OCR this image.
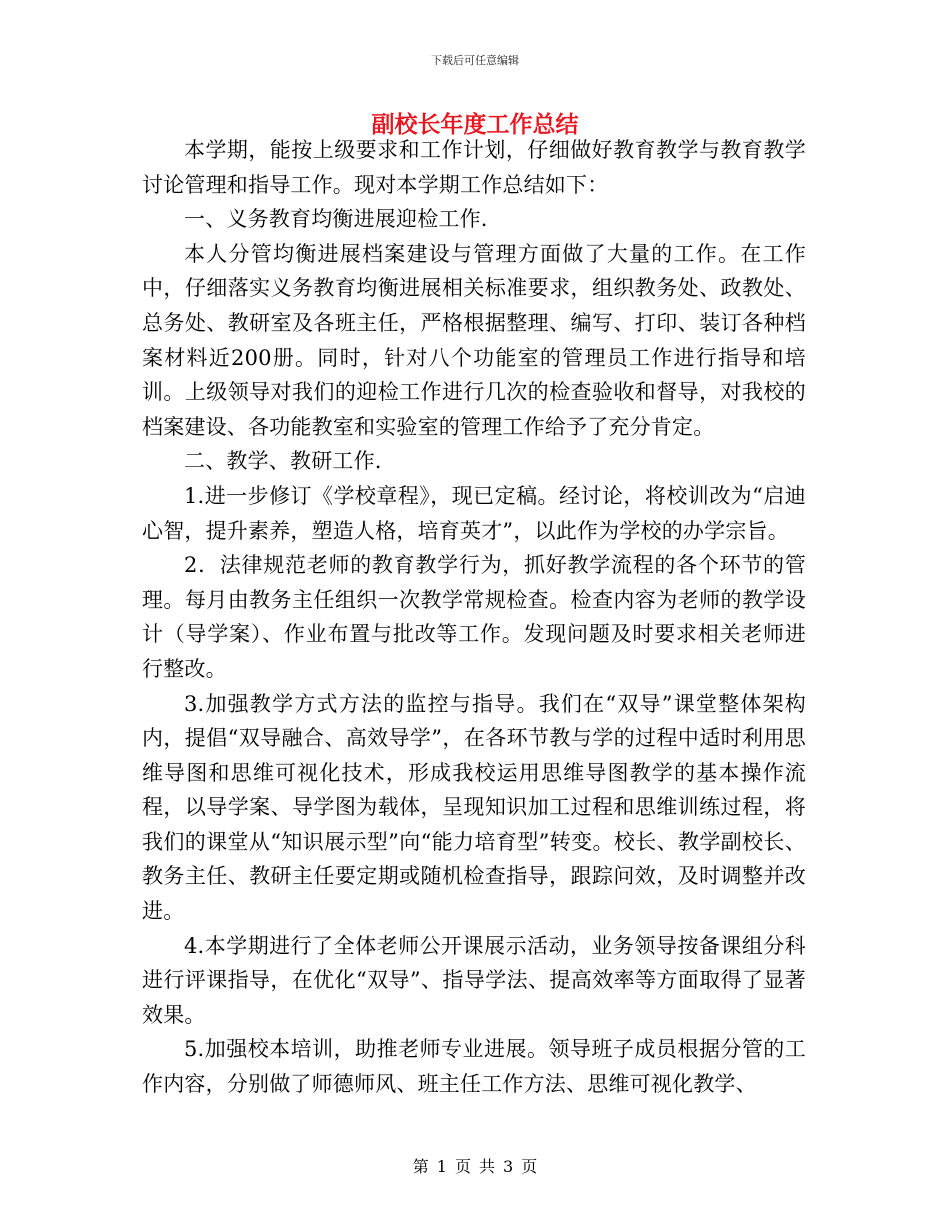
下载后可任意编辑
副校长年度工作总结

本学期，能按上级要求和工作计划，仔细做好教育教学与教育教学讨论管理和指导工作。现对本学期工作总结如下：

一、义务教育均衡进展迎检工作.

本人分管均衡进展档案建设与管理方面做了大量的工作。在工作中，仔细落实义务教育均衡进展相关标准要求，组织教务处、政教处、总务处、教研室及各班主任，严格根据整理、编写、打印、装订各种档案材料近200册。同时，针对八个功能室的管理员工作进行指导和培训。上级领导对我们的迎检工作进行几次的检查验收和督导，对我校的档案建设、各功能教室和实验室的管理工作给予了充分肯定。

二、教学、教研工作.

1.进一步修订《学校章程》，现已定稿。经讨论，将校训改为“启迪心智，提升素养，塑造人格，培育英才”，以此作为学校的办学宗旨。

2．法律规范老师的教育教学行为，抓好教学流程的各个环节的管理。每月由教务主任组织一次教学常规检查。检查内容为老师的教学设计（导学案）、作业布置与批改等工作。发现问题及时要求相关老师进行整改。

3.加强教学方式方法的监控与指导。我们在“双导”课堂整体架构内，提倡“双导融合、高效导学”，在各环节教与学的过程中适时利用思维导图和思维可视化技术，形成我校运用思维导图教学的基本操作流程，以导学案、导学图为载体，呈现知识加工过程和思维训练过程，将我们的课堂从“知识展示型”向“能力培育型”转变。校长、教学副校长、教务主任、教研主任要定期或随机检查指导，跟踪问效，及时调整并改进。

4.本学期进行了全体老师公开课展示活动，业务领导按备课组分科进行评课指导，在优化“双导”、指导学法、提高效率等方面取得了显著效果。

5.加强校本培训，助推老师专业进展。领导班子成员根据分管的工作内容，分别做了师德师风、班主任工作方法、思维可视化教学、

第 1 页 共 3 页
